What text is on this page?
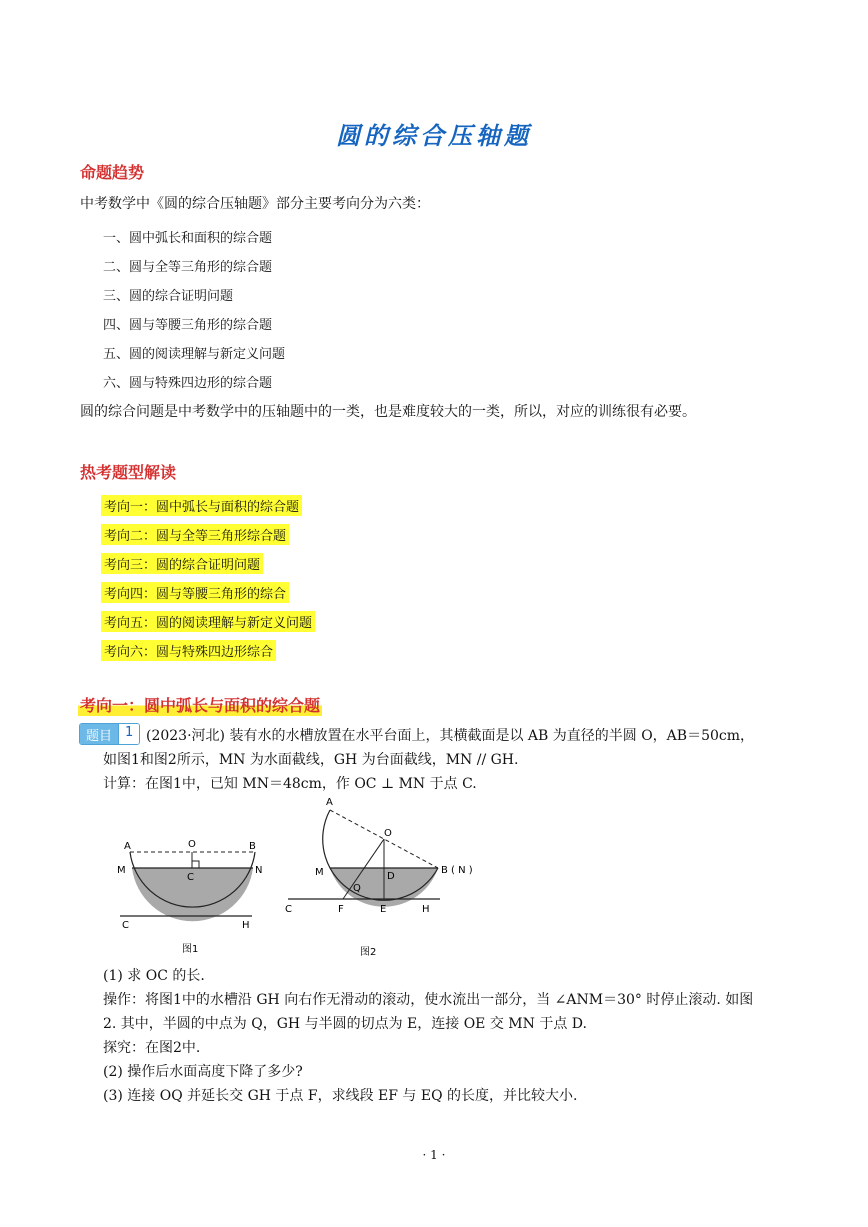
圆的综合压轴题
命题趋势
中考数学中《圆的综合压轴题》部分主要考向分为六类：
一、圆中弧长和面积的综合题
二、圆与全等三角形的综合题
三、圆的综合证明问题
四、圆与等腰三角形的综合题
五、圆的阅读理解与新定义问题
六、圆与特殊四边形的综合题
圆的综合问题是中考数学中的压轴题中的一类，也是难度较大的一类，所以，对应的训练很有必要。
热考题型解读
考向一：圆中弧长与面积的综合题
考向二：圆与全等三角形综合题
考向三：圆的综合证明问题
考向四：圆与等腰三角形的综合
考向五：圆的阅读理解与新定义问题
考向六：圆与特殊四边形综合
考向一：圆中弧长与面积的综合题
题目	1 (2023·河北) 装有水的水槽放置在水平台面上，其横截面是以 AB 为直径的半圆 O，AB＝50cm，
如图1和图2所示，MN 为水面截线，GH 为台面截线，MN // GH.
计算：在图1中，已知 MN＝48cm，作 OC ⊥ MN 于点 C.
A	O	B
M	N
C
C	H
图1
A
O
M	D
Q
B ( N )
C	F	E	H
图2
(1) 求 OC 的长.
操作：将图1中的水槽沿 GH 向右作无滑动的滚动，使水流出一部分，当 ∠ANM＝30° 时停止滚动. 如图
2. 其中，半圆的中点为 Q，GH 与半圆的切点为 E，连接 OE 交 MN 于点 D.
探究：在图2中.
(2) 操作后水面高度下降了多少?
(3) 连接 OQ 并延长交 GH 于点 F，求线段 EF 与 EQ 的长度，并比较大小.
· 1 ·
